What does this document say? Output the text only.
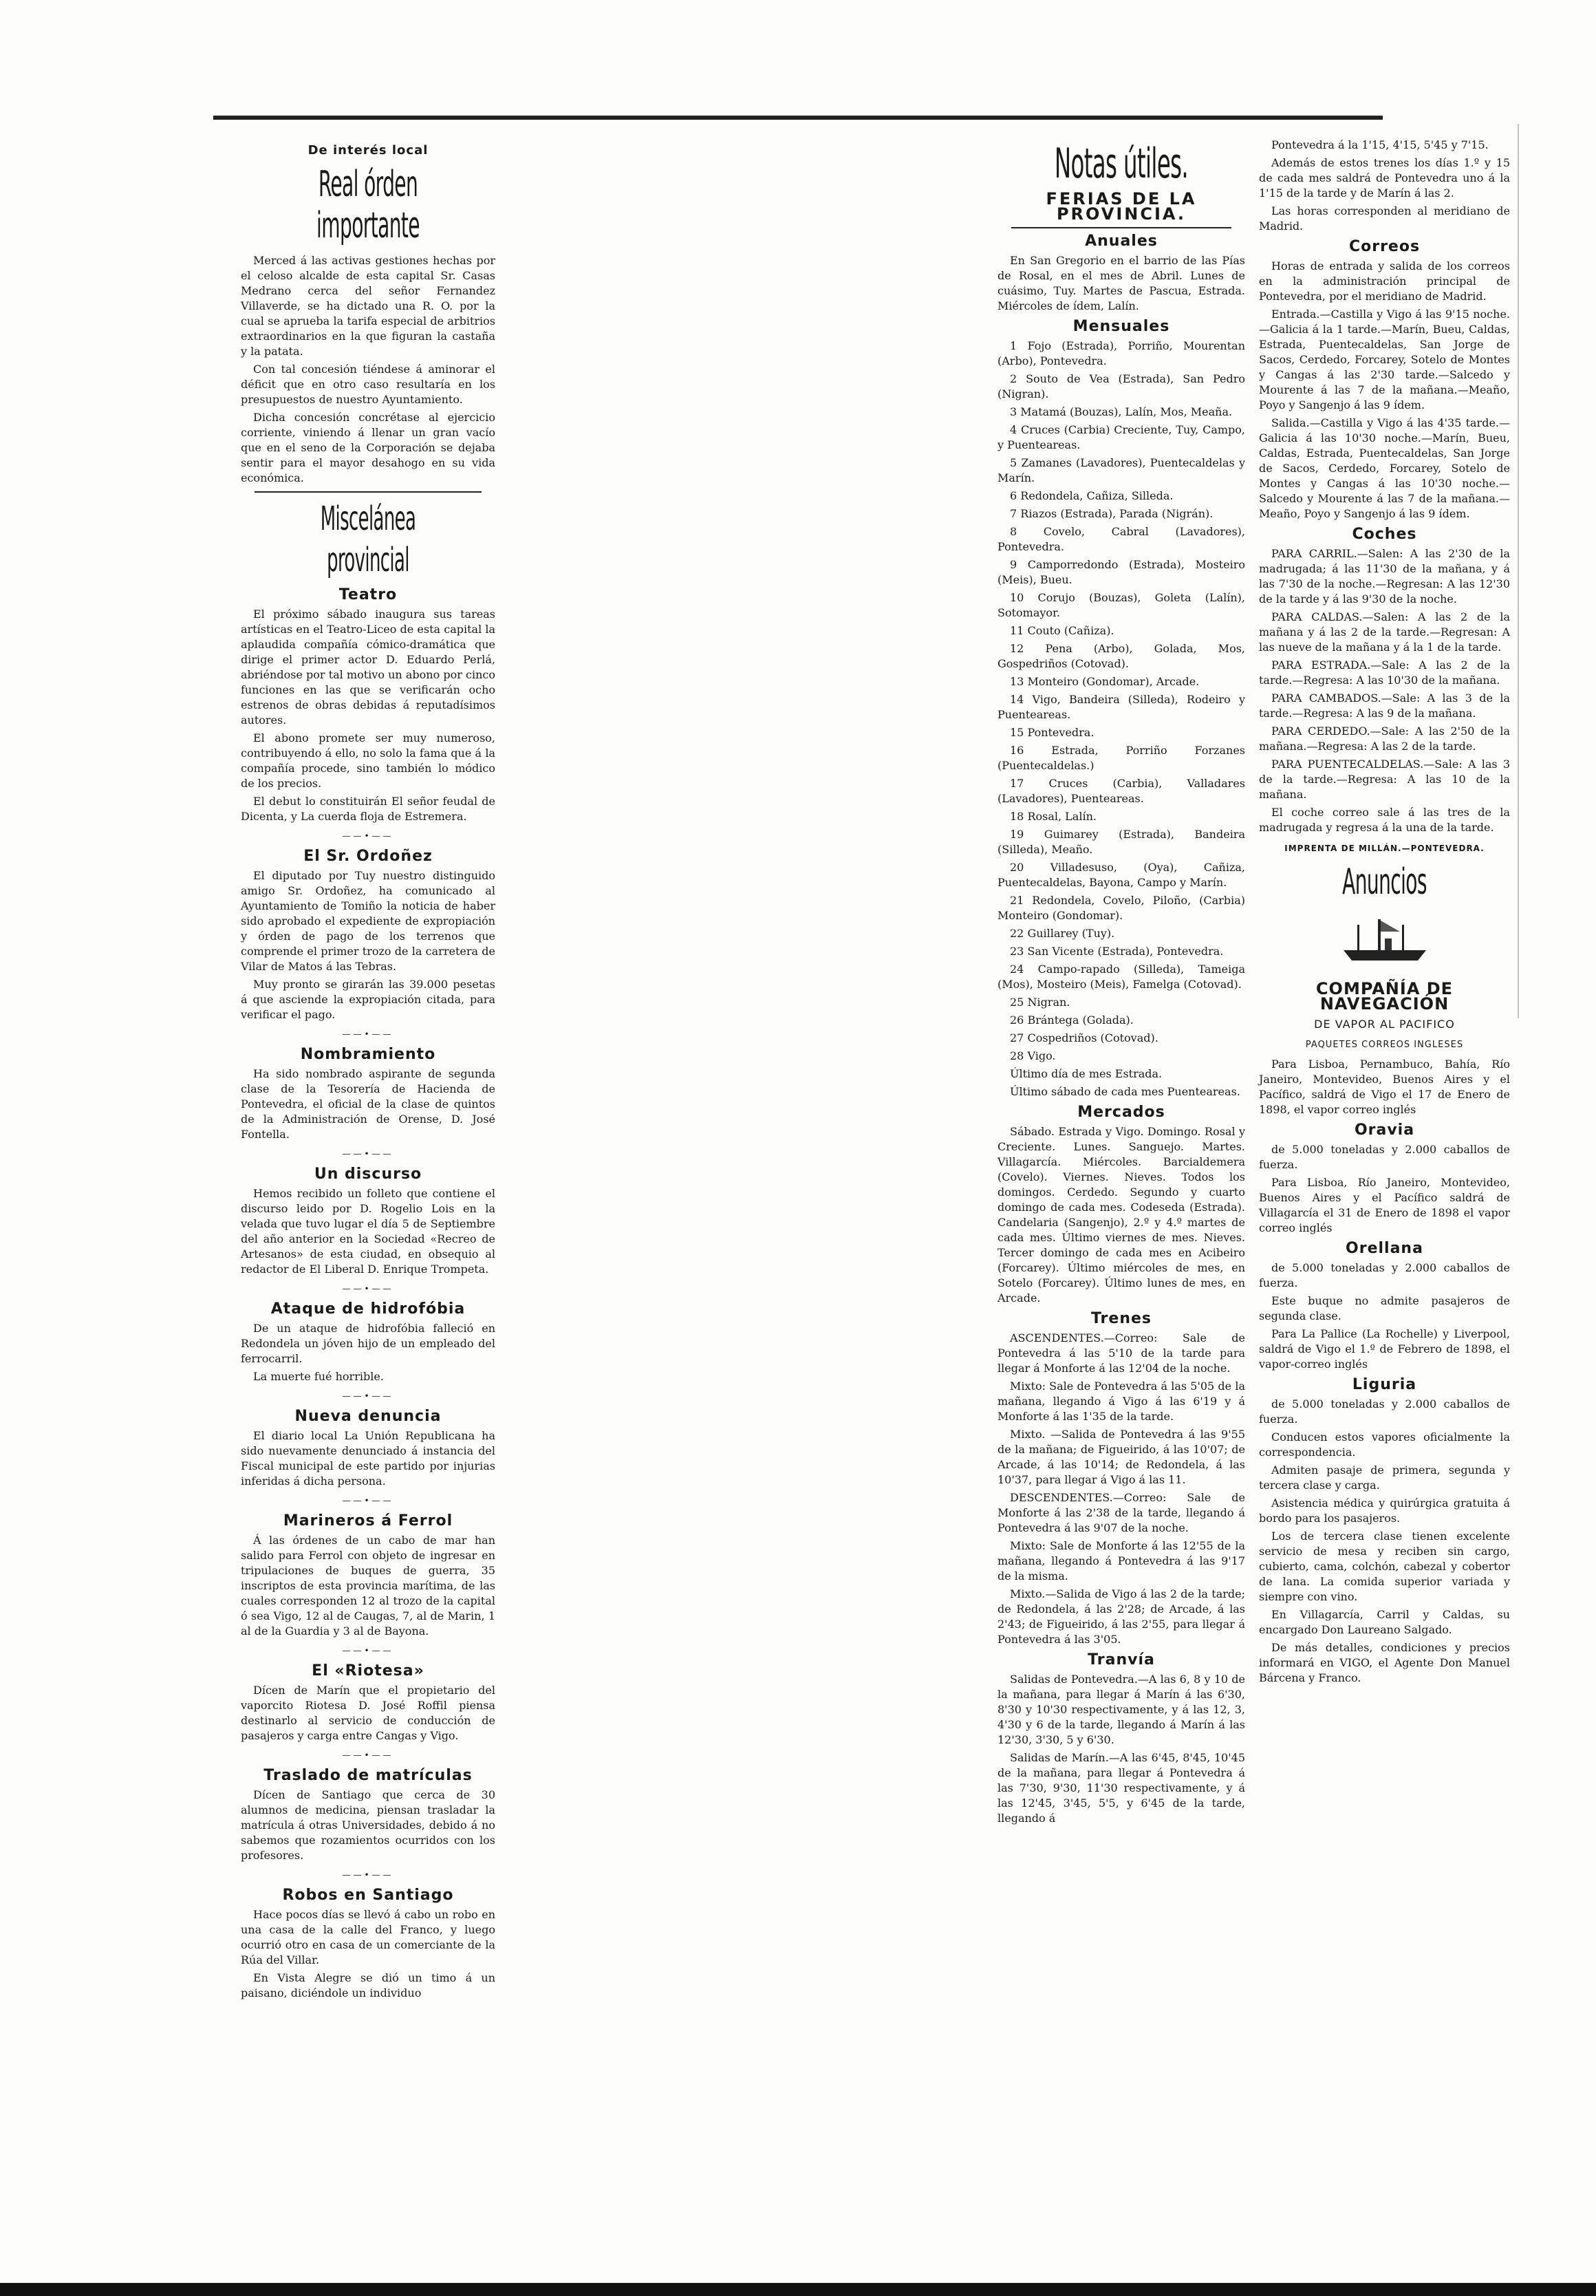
De interés local
Real órden importante

Merced á las activas gestiones hechas por el celoso alcalde de esta capital Sr. Casas Medrano cerca del señor Fernandez Villaverde, se ha dictado una R. O. por la cual se aprueba la tarifa especial de arbitrios extraordinarios en la que figuran la castaña y la patata.

Con tal concesión tiéndese á aminorar el déficit que en otro caso resultaría en los presupuestos de nuestro Ayuntamiento.

Dicha concesión concrétase al ejercicio corriente, viniendo á llenar un gran vacío que en el seno de la Corporación se dejaba sentir para el mayor desahogo en su vida económica.

Miscelánea provincial
Teatro

El próximo sábado inaugura sus tareas artísticas en el Teatro-Liceo de esta capital la aplaudida compañía cómico-dramática que dirige el primer actor D. Eduardo Perlá, abriéndose por tal motivo un abono por cinco funciones en las que se verificarán ocho estrenos de obras debidas á reputadísimos autores.

El abono promete ser muy numeroso, contribuyendo á ello, no solo la fama que á la compañía procede, sino también lo módico de los precios.

El debut lo constituirán El señor feudal de Dicenta, y La cuerda floja de Estremera.

——•——
El Sr. Ordoñez

El diputado por Tuy nuestro distinguido amigo Sr. Ordoñez, ha comunicado al Ayuntamiento de Tomiño la noticia de haber sido aprobado el expediente de expropiación y órden de pago de los terrenos que comprende el primer trozo de la carretera de Vilar de Matos á las Tebras.

Muy pronto se girarán las 39.000 pesetas á que asciende la expropiación citada, para verificar el pago.

——•——
Nombramiento

Ha sido nombrado aspirante de segunda clase de la Tesorería de Hacienda de Pontevedra, el oficial de la clase de quintos de la Administración de Orense, D. José Fontella.

——•——
Un discurso

Hemos recibido un folleto que contiene el discurso leido por D. Rogelio Lois en la velada que tuvo lugar el día 5 de Septiembre del año anterior en la Sociedad «Recreo de Artesanos» de esta ciudad, en obsequio al redactor de El Liberal D. Enrique Trompeta.

——•——
Ataque de hidrofóbia

De un ataque de hidrofóbia falleció en Redondela un jóven hijo de un empleado del ferrocarril.

La muerte fué horrible.

——•——
Nueva denuncia

El diario local La Unión Republicana ha sido nuevamente denunciado á instancia del Fiscal municipal de este partido por injurias inferidas á dicha persona.

——•——
Marineros á Ferrol

Á las órdenes de un cabo de mar han salido para Ferrol con objeto de ingresar en tripulaciones de buques de guerra, 35 inscriptos de esta provincia marítima, de las cuales corresponden 12 al trozo de la capital ó sea Vigo, 12 al de Caugas, 7, al de Marin, 1 al de la Guardia y 3 al de Bayona.

——•——
El «Riotesa»

Dícen de Marín que el propietario del vaporcito Riotesa D. José Roffil piensa destinarlo al servicio de conducción de pasajeros y carga entre Cangas y Vigo.

——•——
Traslado de matrículas

Dícen de Santiago que cerca de 30 alumnos de medicina, piensan trasladar la matrícula á otras Universidades, debido á no sabemos que rozamientos ocurridos con los profesores.

——•——
Robos en Santiago

Hace pocos días se llevó á cabo un robo en una casa de la calle del Franco, y luego ocurrió otro en casa de un comerciante de la Rúa del Villar.

En Vista Alegre se dió un timo á un paisano, diciéndole un individuo

Notas útiles.
FERIAS DE LA PROVINCIA.
Anuales

En San Gregorio en el barrio de las Pías de Rosal, en el mes de Abril. Lunes de cuásimo, Tuy. Martes de Pascua, Estrada. Miércoles de ídem, Lalín.

Mensuales

1 Fojo (Estrada), Porriño, Mourentan (Arbo), Pontevedra.

2 Souto de Vea (Estrada), San Pedro (Nigran).

3 Matamá (Bouzas), Lalín, Mos, Meaña.

4 Cruces (Carbia) Creciente, Tuy, Campo, y Puenteareas.

5 Zamanes (Lavadores), Puentecaldelas y Marín.

6 Redondela, Cañiza, Silleda.

7 Riazos (Estrada), Parada (Nigrán).

8 Covelo, Cabral (Lavadores), Pontevedra.

9 Camporredondo (Estrada), Mosteiro (Meis), Bueu.

10 Corujo (Bouzas), Goleta (Lalín), Sotomayor.

11 Couto (Cañiza).

12 Pena (Arbo), Golada, Mos, Gospedriños (Cotovad).

13 Monteiro (Gondomar), Arcade.

14 Vigo, Bandeira (Silleda), Rodeiro y Puenteareas.

15 Pontevedra.

16 Estrada, Porriño Forzanes (Puentecaldelas.)

17 Cruces (Carbia), Valladares (Lavadores), Puenteareas.

18 Rosal, Lalín.

19 Guimarey (Estrada), Bandeira (Silleda), Meaño.

20 Villadesuso, (Oya), Cañiza, Puentecaldelas, Bayona, Campo y Marín.

21 Redondela, Covelo, Piloño, (Carbia) Monteiro (Gondomar).

22 Guillarey (Tuy).

23 San Vicente (Estrada), Pontevedra.

24 Campo-rapado (Silleda), Tameiga (Mos), Mosteiro (Meis), Famelga (Cotovad).

25 Nigran.

26 Brántega (Golada).

27 Cospedriños (Cotovad).

28 Vigo.

Último día de mes Estrada.

Último sábado de cada mes Puenteareas.

Mercados

Sábado. Estrada y Vigo. Domingo. Rosal y Creciente. Lunes. Sanguejo. Martes. Villagarcía. Miércoles. Barcialdemera (Covelo). Viernes. Nieves. Todos los domingos. Cerdedo. Segundo y cuarto domingo de cada mes. Codeseda (Estrada). Candelaria (Sangenjo), 2.º y 4.º martes de cada mes. Último viernes de mes. Nieves. Tercer domingo de cada mes en Acibeiro (Forcarey). Último miércoles de mes, en Sotelo (Forcarey). Último lunes de mes, en Arcade.

Trenes

ASCENDENTES.—Correo: Sale de Pontevedra á las 5'10 de la tarde para llegar á Monforte á las 12'04 de la noche.

Mixto: Sale de Pontevedra á las 5'05 de la mañana, llegando á Vigo á las 6'19 y á Monforte á las 1'35 de la tarde.

Mixto. —Salida de Pontevedra á las 9'55 de la mañana; de Figueirido, á las 10'07; de Arcade, á las 10'14; de Redondela, á las 10'37, para llegar á Vigo á las 11.

DESCENDENTES.—Correo: Sale de Monforte á las 2'38 de la tarde, llegando á Pontevedra á las 9'07 de la noche.

Mixto: Sale de Monforte á las 12'55 de la mañana, llegando á Pontevedra á las 9'17 de la misma.

Mixto.—Salida de Vigo á las 2 de la tarde; de Redondela, á las 2'28; de Arcade, á las 2'43; de Figueirido, á las 2'55, para llegar á Pontevedra á las 3'05.

Tranvía

Salidas de Pontevedra.—A las 6, 8 y 10 de la mañana, para llegar á Marín á las 6'30, 8'30 y 10'30 respectivamente, y á las 12, 3, 4'30 y 6 de la tarde, llegando á Marín á las 12'30, 3'30, 5 y 6'30.

Salidas de Marín.—A las 6'45, 8'45, 10'45 de la mañana, para llegar á Pontevedra á las 7'30, 9'30, 11'30 respectivamente, y á las 12'45, 3'45, 5'5, y 6'45 de la tarde, llegando á

Pontevedra á la 1'15, 4'15, 5'45 y 7'15.

Además de estos trenes los días 1.º y 15 de cada mes saldrá de Pontevedra uno á la 1'15 de la tarde y de Marín á las 2.

Las horas corresponden al meridiano de Madrid.

Correos

Horas de entrada y salida de los correos en la administración principal de Pontevedra, por el meridiano de Madrid.

Entrada.—Castilla y Vigo á las 9'15 noche.—Galicia á la 1 tarde.—Marín, Bueu, Caldas, Estrada, Puentecaldelas, San Jorge de Sacos, Cerdedo, Forcarey, Sotelo de Montes y Cangas á las 2'30 tarde.—Salcedo y Mourente á las 7 de la mañana.—Meaño, Poyo y Sangenjo á las 9 ídem.

Salida.—Castilla y Vigo á las 4'35 tarde.—Galicia á las 10'30 noche.—Marín, Bueu, Caldas, Estrada, Puentecaldelas, San Jorge de Sacos, Cerdedo, Forcarey, Sotelo de Montes y Cangas á las 10'30 noche.—Salcedo y Mourente á las 7 de la mañana.—Meaño, Poyo y Sangenjo á las 9 ídem.

Coches

PARA CARRIL.—Salen: A las 2'30 de la madrugada; á las 11'30 de la mañana, y á las 7'30 de la noche.—Regresan: A las 12'30 de la tarde y á las 9'30 de la noche.

PARA CALDAS.—Salen: A las 2 de la mañana y á las 2 de la tarde.—Regresan: A las nueve de la mañana y á la 1 de la tarde.

PARA ESTRADA.—Sale: A las 2 de la tarde.—Regresa: A las 10'30 de la mañana.

PARA CAMBADOS.—Sale: A las 3 de la tarde.—Regresa: A las 9 de la mañana.

PARA CERDEDO.—Sale: A las 2'50 de la mañana.—Regresa: A las 2 de la tarde.

PARA PUENTECALDELAS.—Sale: A las 3 de la tarde.—Regresa: A las 10 de la mañana.

El coche correo sale á las tres de la madrugada y regresa á la una de la tarde.

IMPRENTA DE MILLÁN.—PONTEVEDRA.
Anuncios
COMPAÑÍA DE NAVEGACIÓN
DE VAPOR AL PACIFICO
PAQUETES CORREOS INGLESES

Para Lisboa, Pernambuco, Bahía, Río Janeiro, Montevideo, Buenos Aires y el Pacífico, saldrá de Vigo el 17 de Enero de 1898, el vapor correo inglés

Oravia

de 5.000 toneladas y 2.000 caballos de fuerza.

Para Lisboa, Río Janeiro, Montevideo, Buenos Aires y el Pacífico saldrá de Villagarcía el 31 de Enero de 1898 el vapor correo inglés

Orellana

de 5.000 toneladas y 2.000 caballos de fuerza.

Este buque no admite pasajeros de segunda clase.

Para La Pallice (La Rochelle) y Liverpool, saldrá de Vigo el 1.º de Febrero de 1898, el vapor-correo inglés

Liguria

de 5.000 toneladas y 2.000 caballos de fuerza.

Conducen estos vapores oficialmente la correspondencia.

Admiten pasaje de primera, segunda y tercera clase y carga.

Asistencia médica y quirúrgica gratuita á bordo para los pasajeros.

Los de tercera clase tienen excelente servicio de mesa y reciben sin cargo, cubierto, cama, colchón, cabezal y cobertor de lana. La comida superior variada y siempre con vino.

En Villagarcía, Carril y Caldas, su encargado Don Laureano Salgado.

De más detalles, condiciones y precios informará en VIGO, el Agente Don Manuel Bárcena y Franco.
